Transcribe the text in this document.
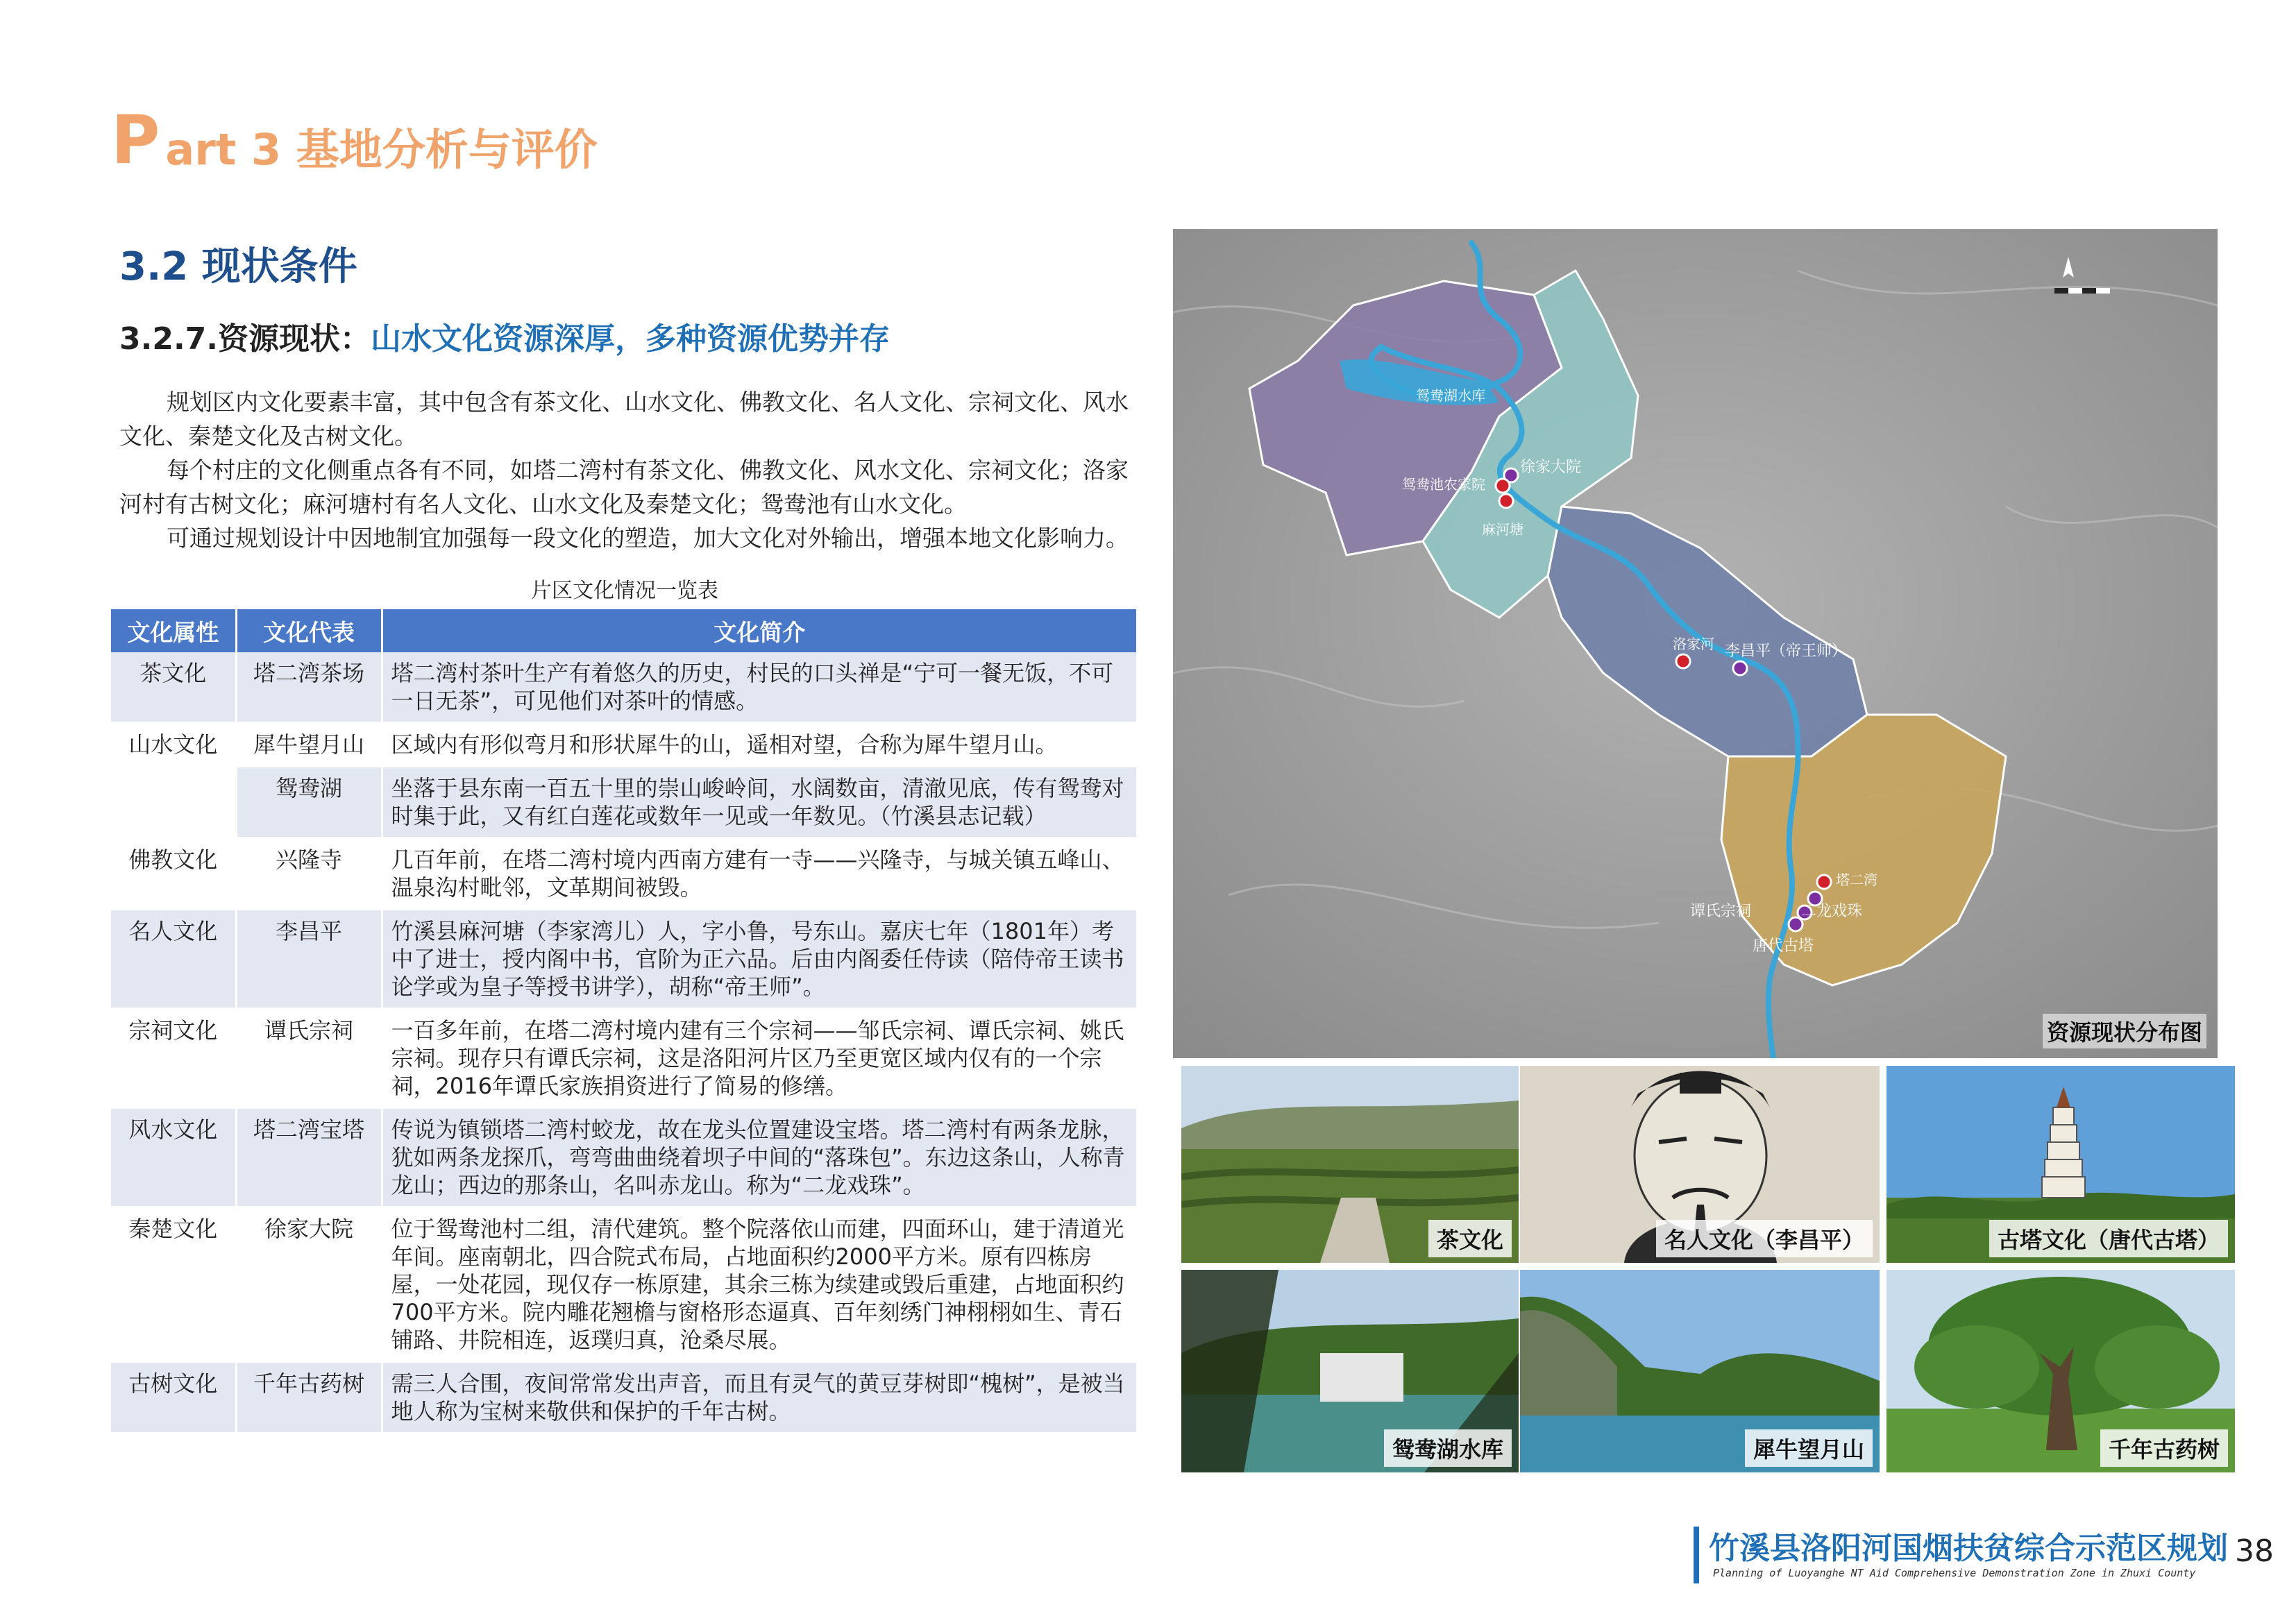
P art 3 基地分析与评价
3.2 现状条件
3.2.7.资源现状：山水文化资源深厚，多种资源优势并存

规划区内文化要素丰富，其中包含有茶文化、山水文化、佛教文化、名人文化、宗祠文化、风水文化、秦楚文化及古树文化。

每个村庄的文化侧重点各有不同，如塔二湾村有茶文化、佛教文化、风水文化、宗祠文化；洛家河村有古树文化；麻河塘村有名人文化、山水文化及秦楚文化；鸳鸯池有山水文化。

可通过规划设计中因地制宜加强每一段文化的塑造，加大文化对外输出，增强本地文化影响力。

片区文化情况一览表
文化属性	文化代表	文化简介
茶文化	塔二湾茶场	塔二湾村茶叶生产有着悠久的历史，村民的口头禅是“宁可一餐无饭，不可一日无茶”，可见他们对茶叶的情感。
山水文化	犀牛望月山	区域内有形似弯月和形状犀牛的山，遥相对望，合称为犀牛望月山。
	鸳鸯湖	坐落于县东南一百五十里的崇山峻岭间，水阔数亩，清澈见底，传有鸳鸯对时集于此，又有红白莲花或数年一见或一年数见。（竹溪县志记载）
佛教文化	兴隆寺	几百年前，在塔二湾村境内西南方建有一寺——兴隆寺，与城关镇五峰山、温泉沟村毗邻，文革期间被毁。
名人文化	李昌平	竹溪县麻河塘（李家湾儿）人，字小鲁，号东山。嘉庆七年（1801年）考中了进士，授内阁中书，官阶为正六品。后由内阁委任侍读（陪侍帝王读书论学或为皇子等授书讲学），胡称“帝王师”。
宗祠文化	谭氏宗祠	一百多年前，在塔二湾村境内建有三个宗祠——邹氏宗祠、谭氏宗祠、姚氏宗祠。现存只有谭氏宗祠，这是洛阳河片区乃至更宽区域内仅有的一个宗祠，2016年谭氏家族捐资进行了简易的修缮。
风水文化	塔二湾宝塔	传说为镇锁塔二湾村蛟龙，故在龙头位置建设宝塔。塔二湾村有两条龙脉，犹如两条龙探爪，弯弯曲曲绕着坝子中间的“落珠包”。东边这条山，人称青龙山；西边的那条山，名叫赤龙山。称为“二龙戏珠”。
秦楚文化	徐家大院	位于鸳鸯池村二组，清代建筑。整个院落依山而建，四面环山，建于清道光年间。座南朝北，四合院式布局，占地面积约2000平方米。原有四栋房屋，一处花园，现仅存一栋原建，其余三栋为续建或毁后重建，占地面积约 700平方米。院内雕花翘檐与窗格形态逼真、百年刻绣门神栩栩如生、青石铺路、井院相连，返璞归真，沧桑尽展。
古树文化	千年古药树	需三人合围，夜间常常发出声音，而且有灵气的黄豆芽树即“槐树”，是被当地人称为宝树来敬供和保护的千年古树。
鸳鸯湖水库
徐家大院
鸳鸯池农家院
麻河塘
洛家河 李昌平（帝王师）
塔二湾
谭氏宗祠	二龙戏珠
唐代古塔
资源现状分布图
茶文化	名人文化（李昌平）	古塔文化（唐代古塔）
鸳鸯湖水库	犀牛望月山	千年古药树
竹溪县洛阳河国烟扶贫综合示范区规划
Planning of Luoyanghe NT Aid Comprehensive Demonstration Zone in Zhuxi County
38
